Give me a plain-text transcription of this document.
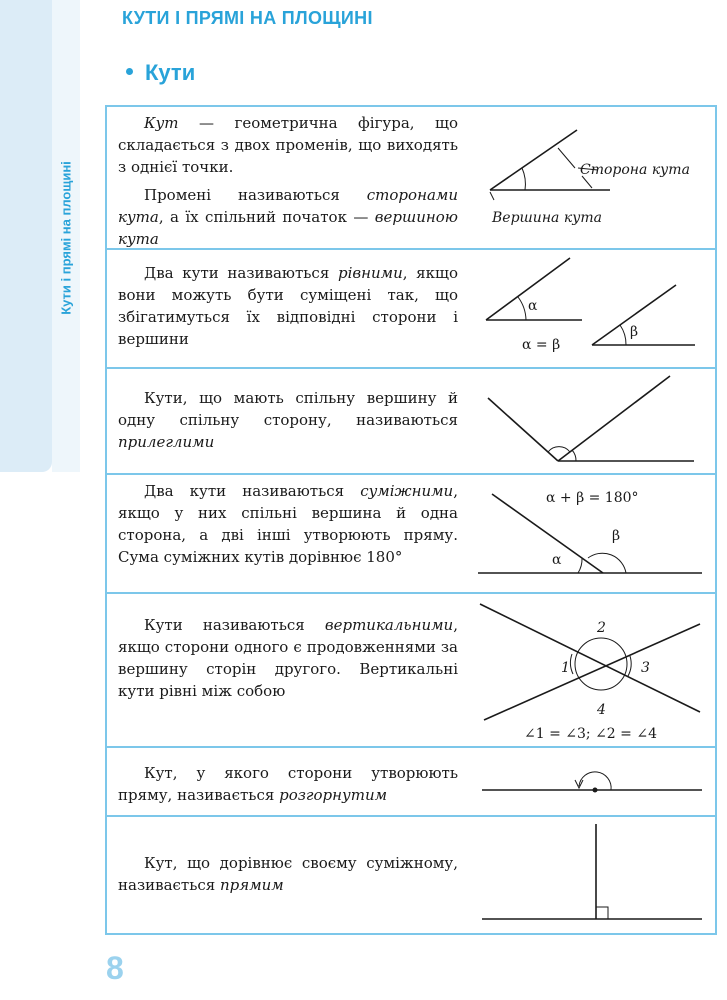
Кути і прямі на площині
КУТИ І ПРЯМІ НА ПЛОЩИНІ
Кути

Кут — геометрична фігура, що складається з двох променів, що виходять з однієї точки.

Промені називаються сторонами кута, а їх спільний початок — вершиною кута

Сторона кута
Вершина кута

Два кути називаються рівними, якщо вони можуть бути суміщені так, що збігатимуться їх відповідні сторони і вершини

α
β
α = β

Кути, що мають спільну вершину й одну спільну сторону, називаються прилеглими

Два кути називаються суміжними, якщо у них спільні вершина й одна сторона, а дві інші утворюють пряму. Сума суміжних кутів дорівнює 180°

α + β = 180°
α
β

Кути називаються вертикальними, якщо сторони одного є продовженнями за вершину сторін другого. Вертикальні кути рівні між собою

2
1	3
4
∠1 = ∠3; ∠2 = ∠4

Кут, у якого сторони утворюють пряму, називається розгорнутим

Кут, що дорівнює своєму суміжному, називається прямим

8
